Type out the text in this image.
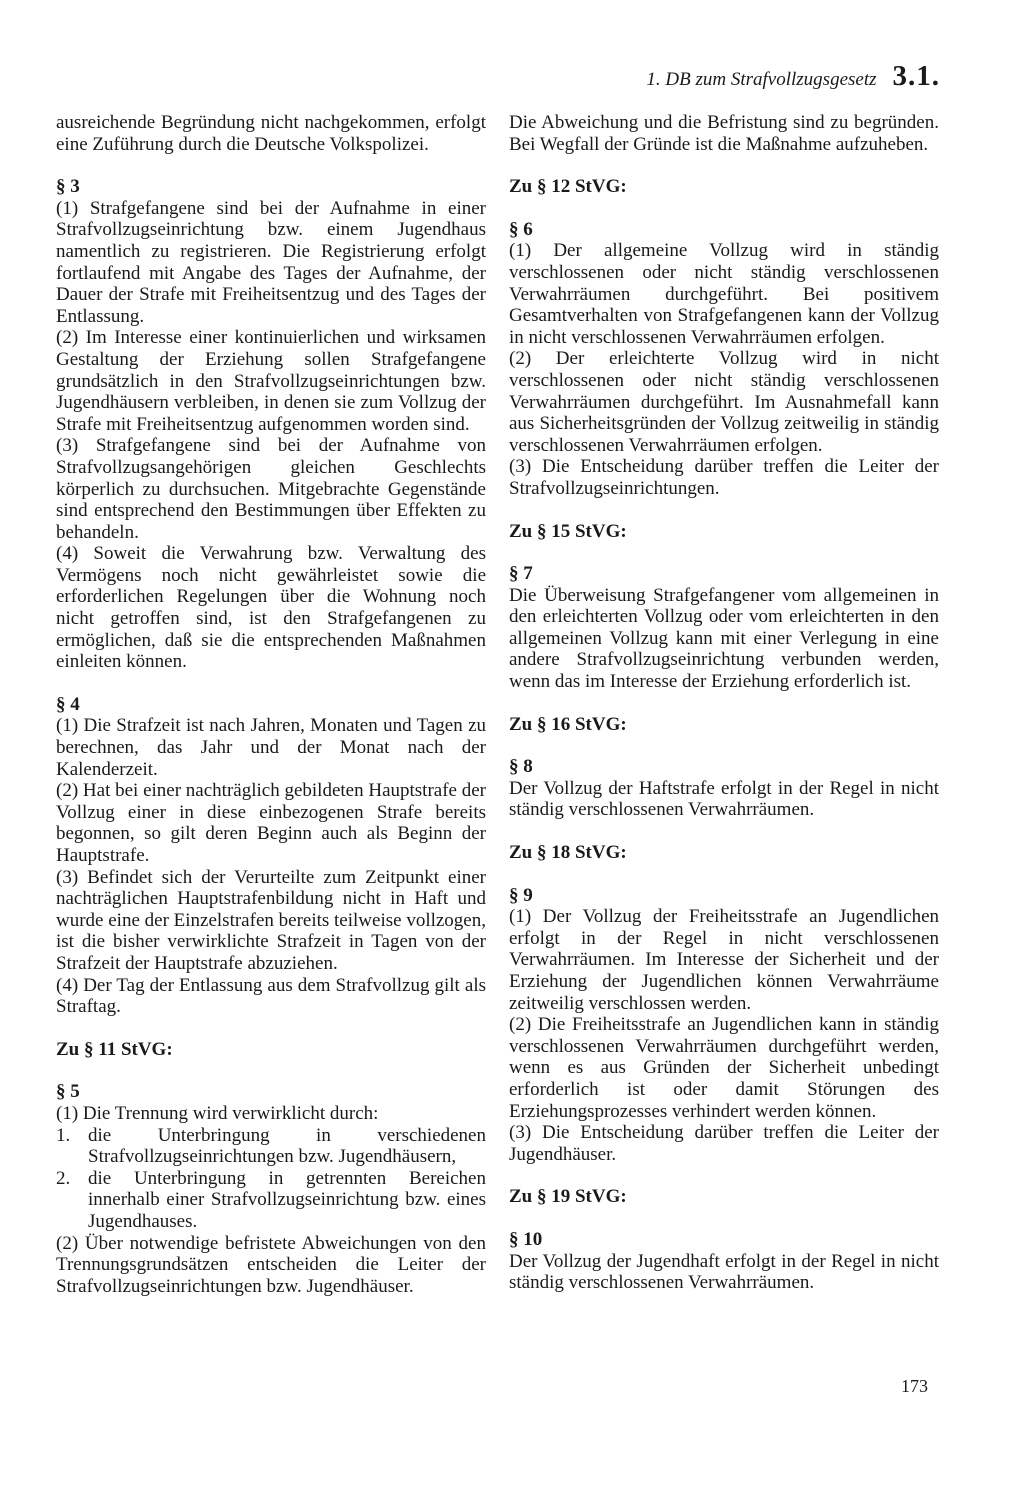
1. DB zum Strafvollzugsgesetz 3.1.

ausreichende Begründung nicht nachgekommen, erfolgt eine Zuführung durch die Deutsche Volkspolizei.

§ 3

(1) Strafgefangene sind bei der Aufnahme in einer Strafvollzugseinrichtung bzw. einem Jugendhaus namentlich zu registrieren. Die Registrierung erfolgt fortlaufend mit Angabe des Tages der Aufnahme, der Dauer der Strafe mit Freiheitsentzug und des Tages der Entlassung.

(2) Im Interesse einer kontinuierlichen und wirksamen Gestaltung der Erziehung sollen Strafgefangene grundsätzlich in den Strafvollzugseinrichtungen bzw. Jugendhäusern verbleiben, in denen sie zum Vollzug der Strafe mit Freiheitsentzug aufgenommen worden sind.

(3) Strafgefangene sind bei der Aufnahme von Strafvollzugsangehörigen gleichen Geschlechts körperlich zu durchsuchen. Mitgebrachte Gegenstände sind entsprechend den Bestimmungen über Effekten zu behandeln.

(4) Soweit die Verwahrung bzw. Verwaltung des Vermögens noch nicht gewährleistet sowie die erforderlichen Regelungen über die Wohnung noch nicht getroffen sind, ist den Strafgefangenen zu ermöglichen, daß sie die entsprechenden Maßnahmen einleiten können.

§ 4

(1) Die Strafzeit ist nach Jahren, Monaten und Tagen zu berechnen, das Jahr und der Monat nach der Kalenderzeit.

(2) Hat bei einer nachträglich gebildeten Hauptstrafe der Vollzug einer in diese einbezogenen Strafe bereits begonnen, so gilt deren Beginn auch als Beginn der Hauptstrafe.

(3) Befindet sich der Verurteilte zum Zeitpunkt einer nachträglichen Hauptstrafenbildung nicht in Haft und wurde eine der Einzelstrafen bereits teilweise vollzogen, ist die bisher verwirklichte Strafzeit in Tagen von der Strafzeit der Hauptstrafe abzuziehen.

(4) Der Tag der Entlassung aus dem Strafvollzug gilt als Straftag.

Zu § 11 StVG:

§ 5

(1) Die Trennung wird verwirklicht durch:

1. die Unterbringung in verschiedenen Strafvollzugseinrichtungen bzw. Jugendhäusern,
2. die Unterbringung in getrennten Bereichen innerhalb einer Strafvollzugseinrichtung bzw. eines Jugendhauses.

(2) Über notwendige befristete Abweichungen von den Trennungsgrundsätzen entscheiden die Leiter der Strafvollzugseinrichtungen bzw. Jugendhäuser.

Die Abweichung und die Befristung sind zu begründen. Bei Wegfall der Gründe ist die Maßnahme aufzuheben.

Zu § 12 StVG:

§ 6

(1) Der allgemeine Vollzug wird in ständig verschlossenen oder nicht ständig verschlossenen Verwahrräumen durchgeführt. Bei positivem Gesamtverhalten von Strafgefangenen kann der Vollzug in nicht verschlossenen Verwahrräumen erfolgen.

(2) Der erleichterte Vollzug wird in nicht verschlossenen oder nicht ständig verschlossenen Verwahrräumen durchgeführt. Im Ausnahmefall kann aus Sicherheitsgründen der Vollzug zeitweilig in ständig verschlossenen Verwahrräumen erfolgen.

(3) Die Entscheidung darüber treffen die Leiter der Strafvollzugseinrichtungen.

Zu § 15 StVG:

§ 7

Die Überweisung Strafgefangener vom allgemeinen in den erleichterten Vollzug oder vom erleichterten in den allgemeinen Vollzug kann mit einer Verlegung in eine andere Strafvollzugseinrichtung verbunden werden, wenn das im Interesse der Erziehung erforderlich ist.

Zu § 16 StVG:

§ 8

Der Vollzug der Haftstrafe erfolgt in der Regel in nicht ständig verschlossenen Verwahrräumen.

Zu § 18 StVG:

§ 9

(1) Der Vollzug der Freiheitsstrafe an Jugendlichen erfolgt in der Regel in nicht verschlossenen Verwahrräumen. Im Interesse der Sicherheit und der Erziehung der Jugendlichen können Verwahrräume zeitweilig verschlossen werden.

(2) Die Freiheitsstrafe an Jugendlichen kann in ständig verschlossenen Verwahrräumen durchgeführt werden, wenn es aus Gründen der Sicherheit unbedingt erforderlich ist oder damit Störungen des Erziehungsprozesses verhindert werden können.

(3) Die Entscheidung darüber treffen die Leiter der Jugendhäuser.

Zu § 19 StVG:

§ 10

Der Vollzug der Jugendhaft erfolgt in der Regel in nicht ständig verschlossenen Verwahrräumen.

173
